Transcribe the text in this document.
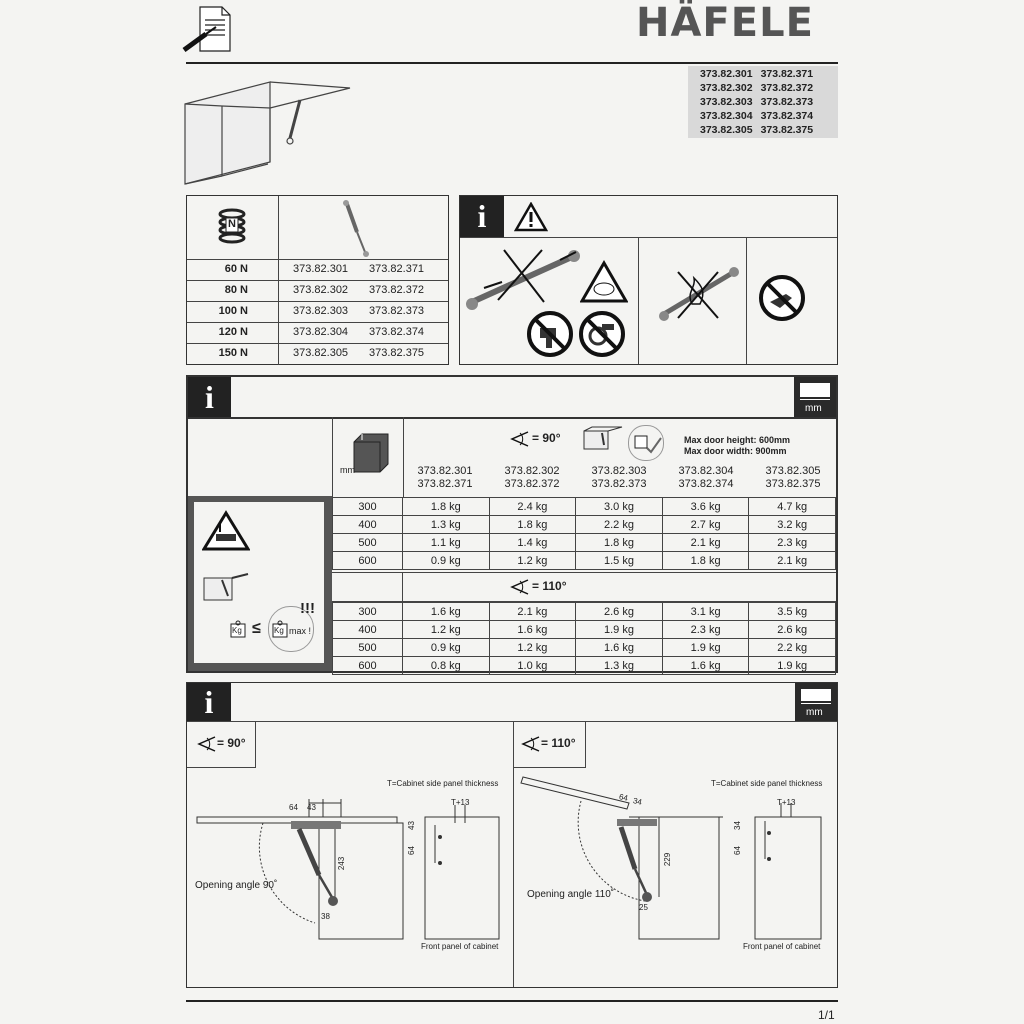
HÄFELE
373.82.301 373.82.371
373.82.302 373.82.372
373.82.303 373.82.373
373.82.304 373.82.374
373.82.305 373.82.375
N
60 N	373.82.301 373.82.371
80 N	373.82.302 373.82.372
100 N	373.82.303 373.82.373
120 N	373.82.304 373.82.374
150 N	373.82.305 373.82.375
i
i	mm
Kg ≤ Kg max !
!!!
mm
= 90°	Max door height: 600mm
Max door width: 900mm
373.82.301
373.82.371
373.82.302
373.82.372
373.82.303
373.82.373
373.82.304
373.82.374
373.82.305
373.82.375
300	1.8 kg	2.4 kg	3.0 kg	3.6 kg	4.7 kg
400	1.3 kg	1.8 kg	2.2 kg	2.7 kg	3.2 kg
500	1.1 kg	1.4 kg	1.8 kg	2.1 kg	2.3 kg
600	0.9 kg	1.2 kg	1.5 kg	1.8 kg	2.1 kg
= 110°
300	1.6 kg	2.1 kg	2.6 kg	3.1 kg	3.5 kg
400	1.2 kg	1.6 kg	1.9 kg	2.3 kg	2.6 kg
500	0.9 kg	1.2 kg	1.6 kg	1.9 kg	2.2 kg
600	0.8 kg	1.0 kg	1.3 kg	1.6 kg	1.9 kg
i	mm
= 90°
T=Cabinet side panel thickness
T+13
64 43
43
64
243
38
Opening angle 90˚
Front panel of cabinet
= 110°
T=Cabinet side panel thickness
T+13
64 34
34
64
229
25
Opening angle 110˚
Front panel of cabinet
1/1
